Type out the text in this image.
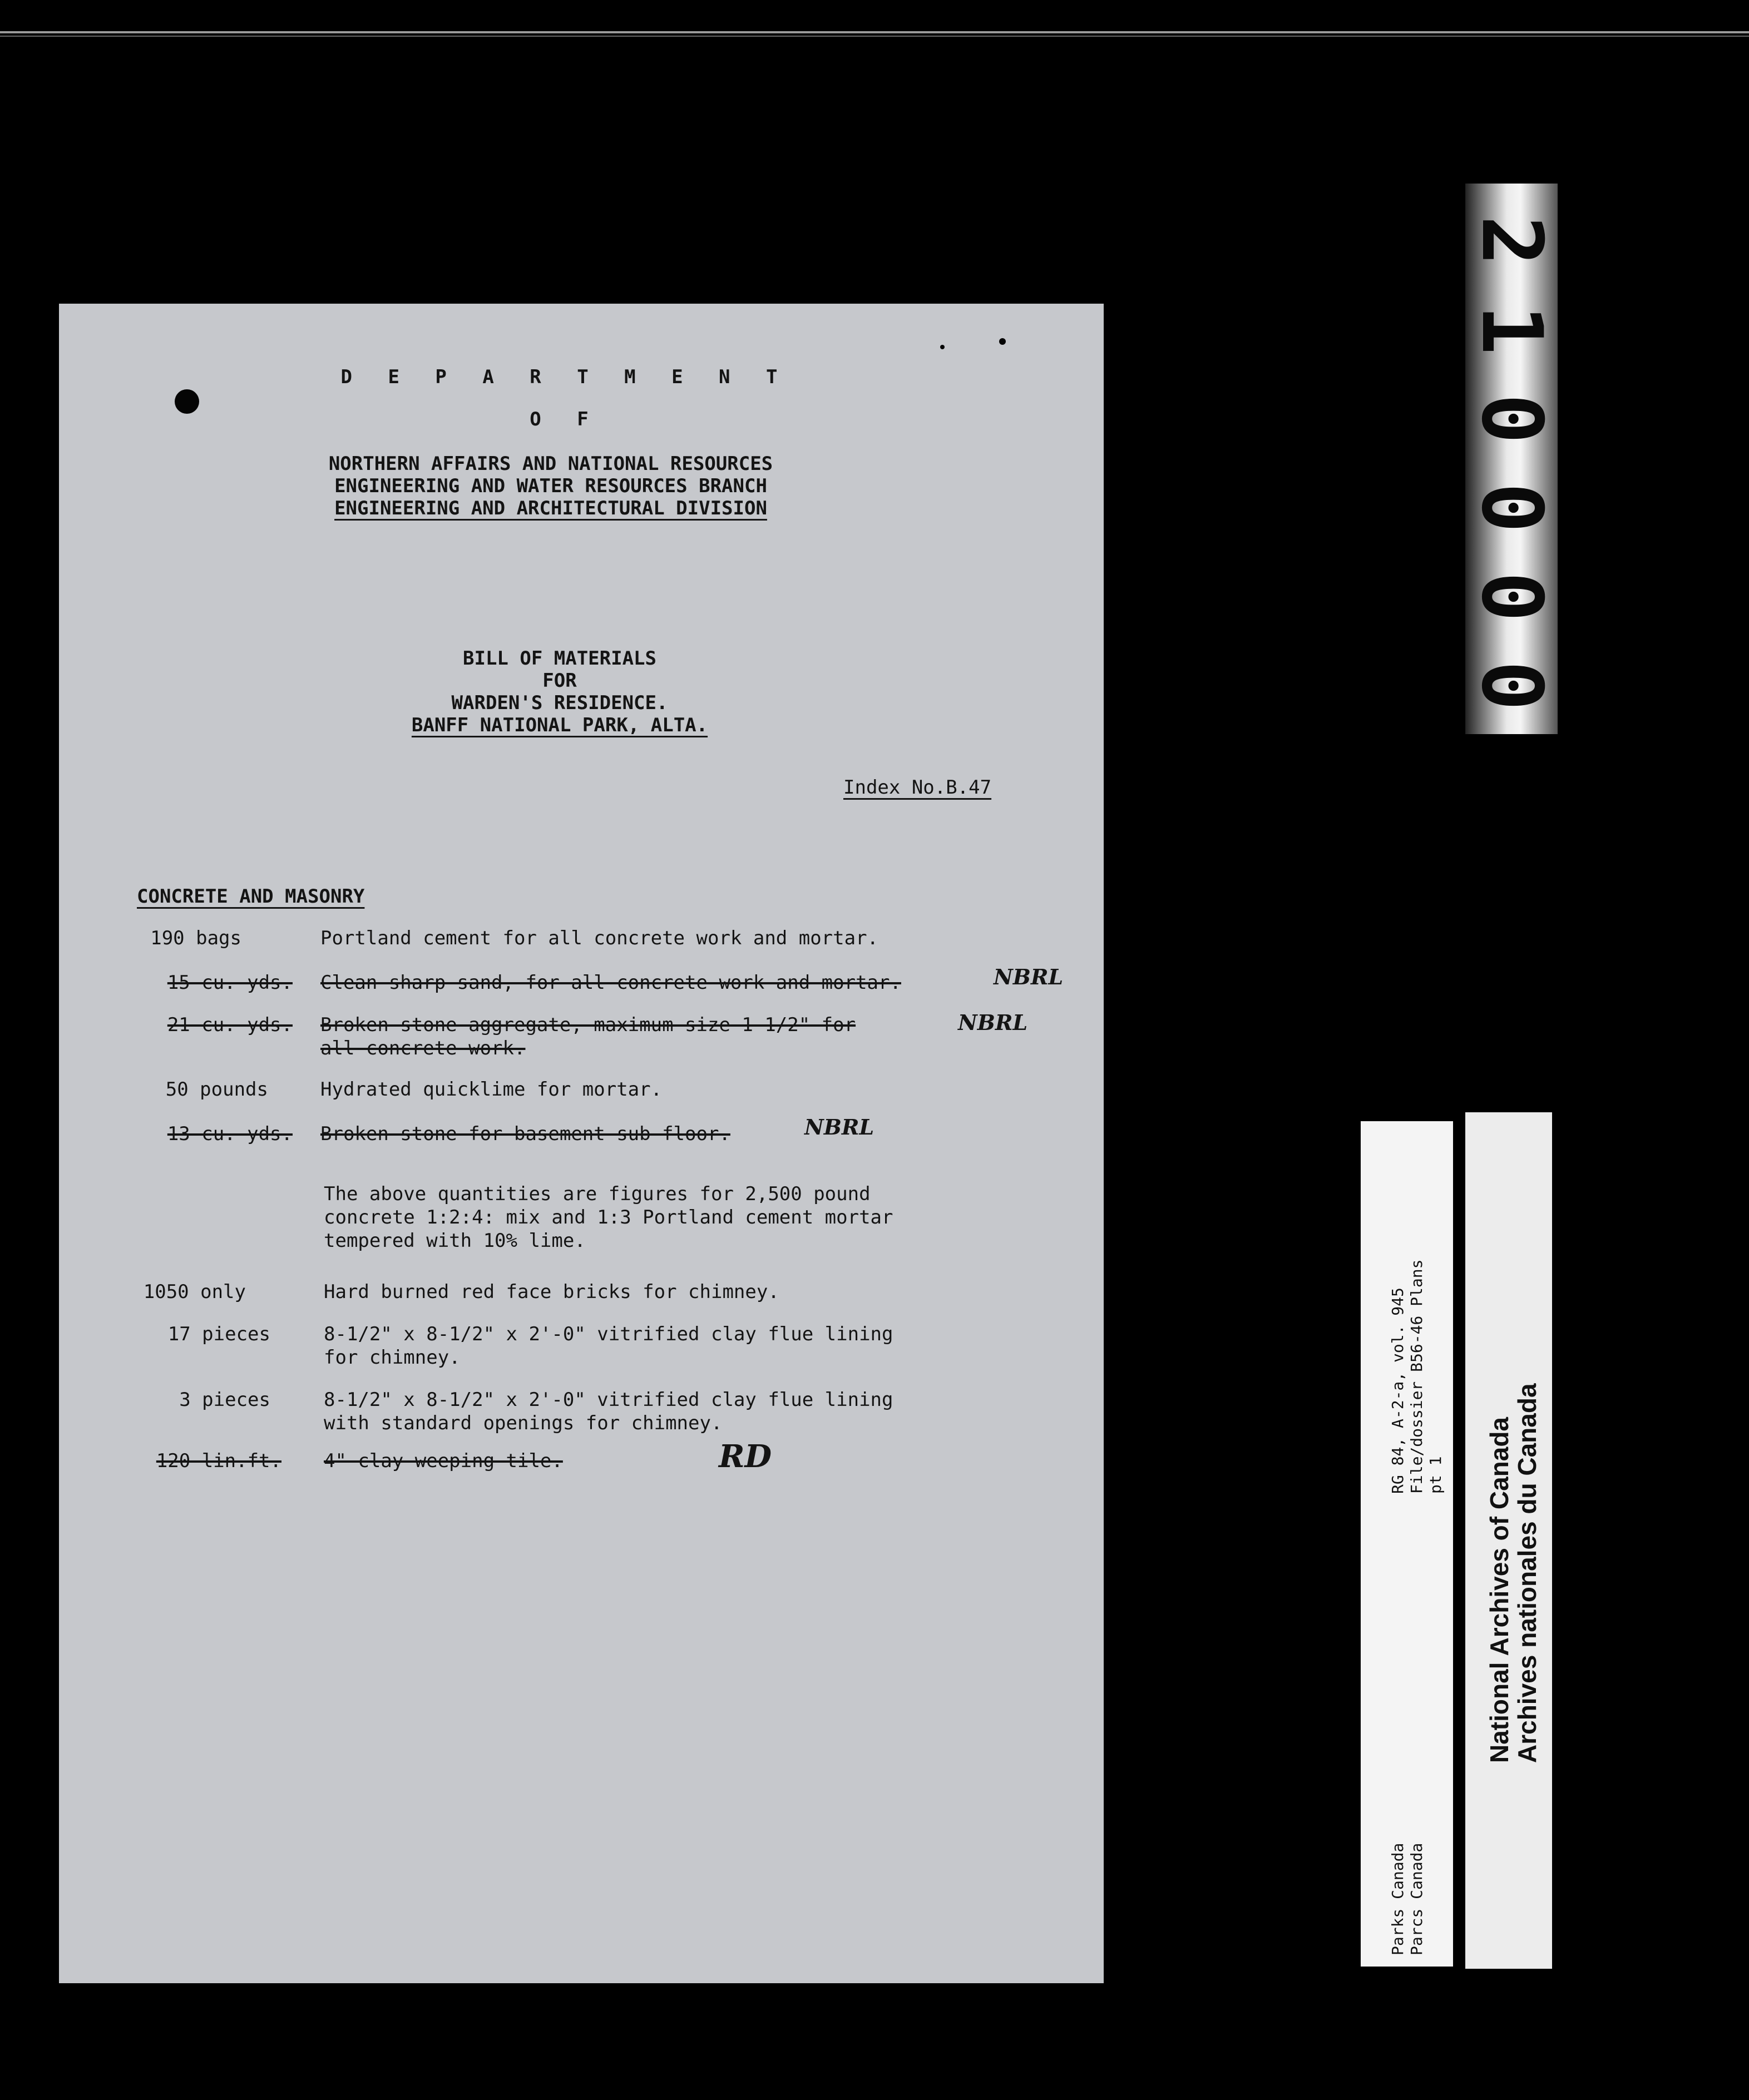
D E P A R T M E N T
O F
NORTHERN AFFAIRS AND NATIONAL RESOURCES
ENGINEERING AND WATER RESOURCES BRANCH
ENGINEERING AND ARCHITECTURAL DIVISION
BILL OF MATERIALS
FOR
WARDEN'S RESIDENCE.
BANFF NATIONAL PARK, ALTA.
Index No.B.47
CONCRETE AND MASONRY
190 bags	Portland cement for all concrete work and mortar.
15 cu. yds. Clean sharp sand, for all concrete work and mortar.	NBRL
21 cu. yds. Broken stone aggregate, maximum size 1-1/2" for
all concrete work.
NBRL
50 pounds	Hydrated quicklime for mortar.
13 cu. yds. Broken stone for basement sub-floor.	NBRL
The above quantities are figures for 2,500 pound
concrete 1:2:4: mix and 1:3 Portland cement mortar
tempered with 10% lime.
1050 only	Hard burned red face bricks for chimney.
17 pieces	8-1/2" x 8-1/2" x 2'-0" vitrified clay flue lining
for chimney.
3 pieces	8-1/2" x 8-1/2" x 2'-0" vitrified clay flue lining
with standard openings for chimney.
120 lin.ft. 4" clay weeping tile.	RD
0
0
0
0
1
2
RG 84, A-2-a, vol. 945 File/dossier B56-46 Plans pt 1
Parks Canada Parcs Canada
National Archives of Canada
Archives nationales du Canada
